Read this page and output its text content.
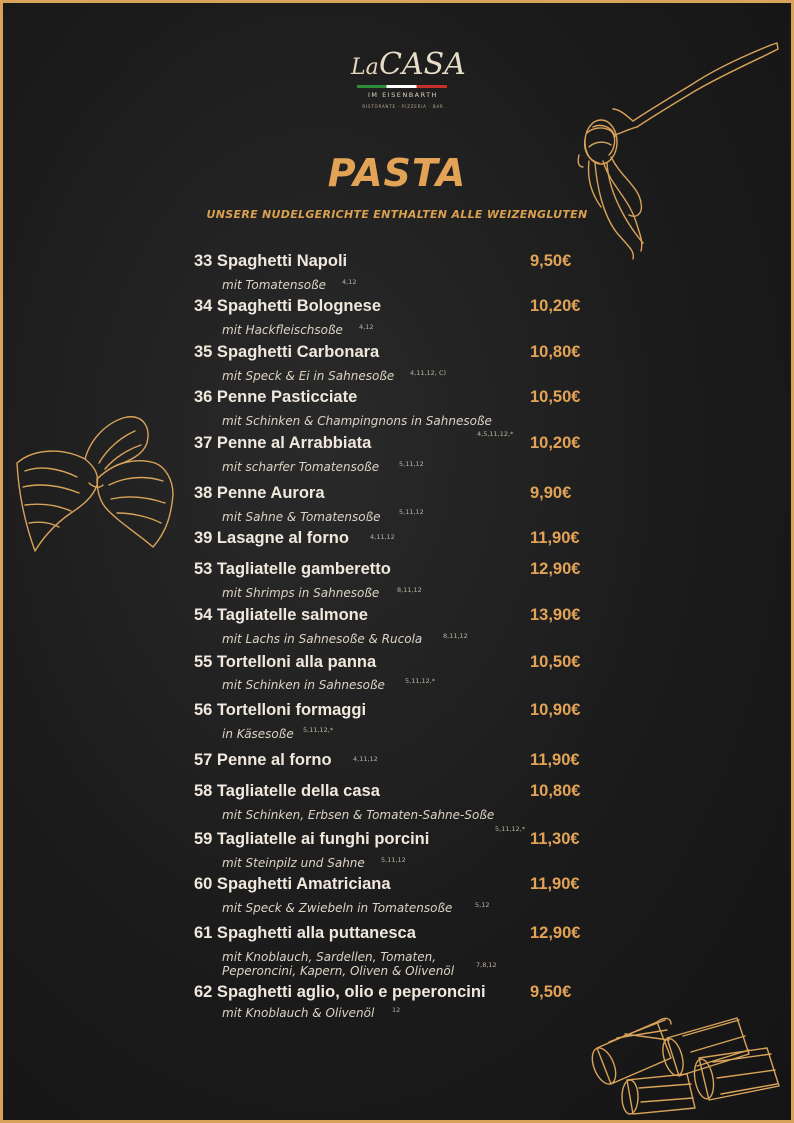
La CASA
IM EISENBARTH
RISTORANTE · PIZZERIA · BAR
PASTA
UNSERE NUDELGERICHTE ENTHALTEN ALLE WEIZENGLUTEN
33 Spaghetti Napoli	9,50€
mit Tomatensoße 4,12
34 Spaghetti Bolognese	10,20€
mit Hackfleischsoße 4,12
35 Spaghetti Carbonara	10,80€
mit Speck & Ei in Sahnesoße 4,11,12, C)
36 Penne Pasticciate	10,50€
mit Schinken & Champingnons in Sahnesoße
4,5,11,12,*
37 Penne al Arrabbiata	10,20€
mit scharfer Tomatensoße	5,11,12
38 Penne Aurora	9,90€
mit Sahne & Tomatensoße	5,11,12
39 Lasagne al forno	11,90€
4,11,12
53 Tagliatelle gamberetto	12,90€
mit Shrimps in Sahnesoße	8,11,12
54 Tagliatelle salmone	13,90€
mit Lachs in Sahnesoße & Rucola	8,11,12
55 Tortelloni alla panna	10,50€
mit Schinken in Sahnesoße	5,11,12,*
56 Tortelloni formaggi	10,90€
in Käsesoße 5,11,12,*
57 Penne al forno	11,90€
4,11,12
58 Tagliatelle della casa	10,80€
mit Schinken, Erbsen & Tomaten-Sahne-Soße
5,11,12,*
59 Tagliatelle ai funghi porcini	11,30€
mit Steinpilz und Sahne 5,11,12
60 Spaghetti Amatriciana	11,90€
mit Speck & Zwiebeln in Tomatensoße	5,12
61 Spaghetti alla puttanesca	12,90€
mit Knoblauch, Sardellen, Tomaten,
Peperoncini, Kapern, Oliven & Olivenöl	7,8,12
62 Spaghetti aglio, olio e peperoncini	9,50€
mit Knoblauch & Olivenöl	12
